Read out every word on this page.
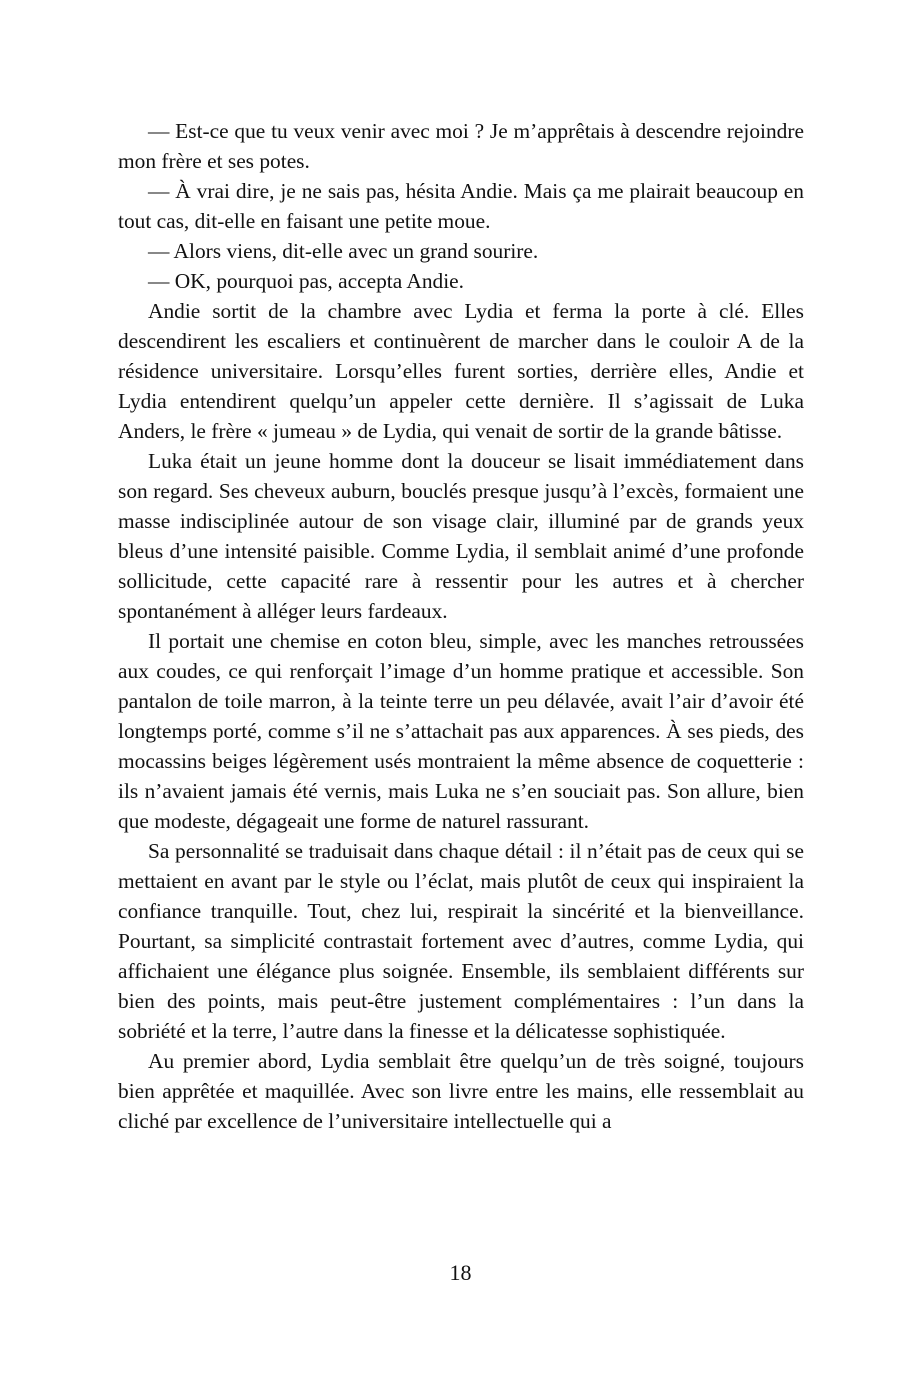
— Est-ce que tu veux venir avec moi ? Je m’apprêtais à descendre rejoindre mon frère et ses potes.

— À vrai dire, je ne sais pas, hésita Andie. Mais ça me plairait beaucoup en tout cas, dit-elle en faisant une petite moue.

— Alors viens, dit-elle avec un grand sourire.

— OK, pourquoi pas, accepta Andie.

Andie sortit de la chambre avec Lydia et ferma la porte à clé. Elles descendirent les escaliers et continuèrent de marcher dans le couloir A de la résidence universitaire. Lorsqu’elles furent sorties, derrière elles, Andie et Lydia entendirent quelqu’un appeler cette dernière. Il s’agissait de Luka Anders, le frère « jumeau » de Lydia, qui venait de sortir de la grande bâtisse.

Luka était un jeune homme dont la douceur se lisait immédiatement dans son regard. Ses cheveux auburn, bouclés presque jusqu’à l’excès, formaient une masse indisciplinée autour de son visage clair, illuminé par de grands yeux bleus d’une intensité paisible. Comme Lydia, il semblait animé d’une profonde sollicitude, cette capacité rare à ressentir pour les autres et à chercher spontanément à alléger leurs fardeaux.

Il portait une chemise en coton bleu, simple, avec les manches retroussées aux coudes, ce qui renforçait l’image d’un homme pratique et accessible. Son pantalon de toile marron, à la teinte terre un peu délavée, avait l’air d’avoir été longtemps porté, comme s’il ne s’attachait pas aux apparences. À ses pieds, des mocassins beiges légèrement usés montraient la même absence de coquetterie : ils n’avaient jamais été vernis, mais Luka ne s’en souciait pas. Son allure, bien que modeste, dégageait une forme de naturel rassurant.

Sa personnalité se traduisait dans chaque détail : il n’était pas de ceux qui se mettaient en avant par le style ou l’éclat, mais plutôt de ceux qui inspiraient la confiance tranquille. Tout, chez lui, respirait la sincérité et la bienveillance. Pourtant, sa simplicité contrastait fortement avec d’autres, comme Lydia, qui affichaient une élégance plus soignée. Ensemble, ils semblaient différents sur bien des points, mais peut-être justement complémentaires : l’un dans la sobriété et la terre, l’autre dans la finesse et la délicatesse sophistiquée.

Au premier abord, Lydia semblait être quelqu’un de très soigné, toujours bien apprêtée et maquillée. Avec son livre entre les mains, elle ressemblait au cliché par excellence de l’universitaire intellectuelle qui a

18
